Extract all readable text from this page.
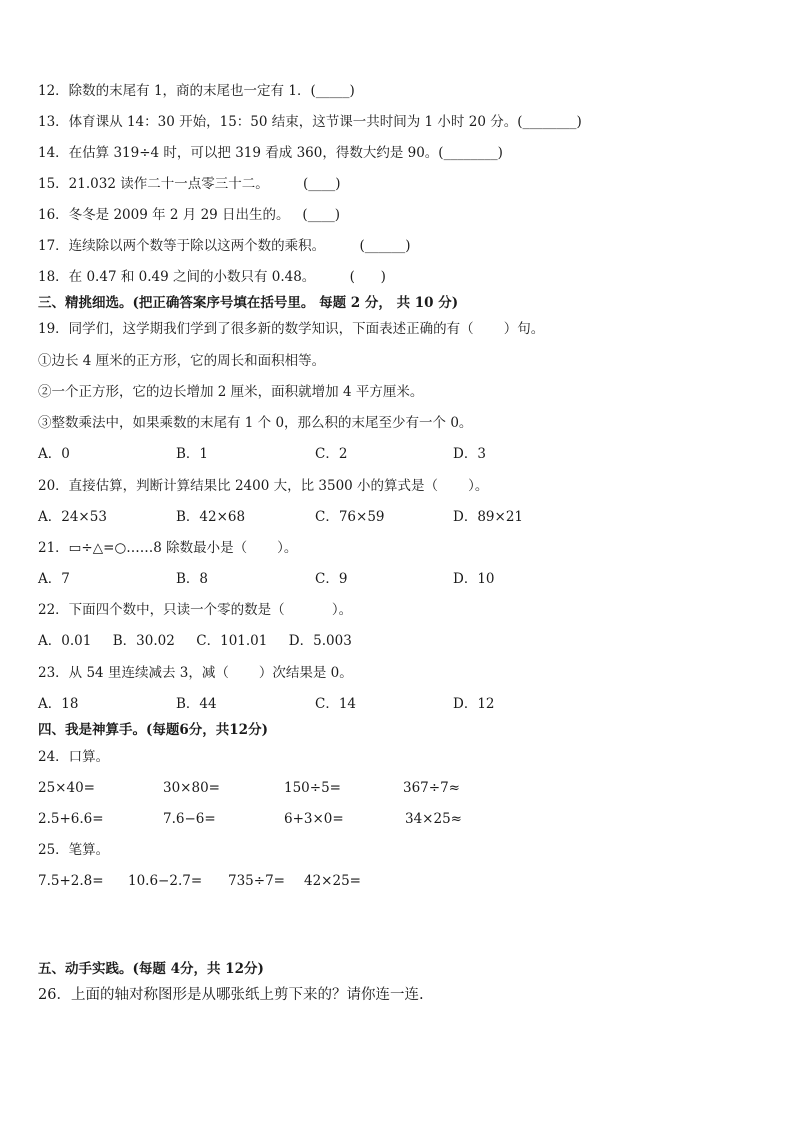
12．除数的末尾有 1，商的末尾也一定有 1．(_____)
13．体育课从 14：30 开始，15：50 结束，这节课一共时间为 1 小时 20 分。(________)
14．在估算 319÷4 时，可以把 319 看成 360，得数大约是 90。(________)
15．21.032 读作二十一点零三十二。        (____)
16．冬冬是 2009 年 2 月 29 日出生的。   (____)
17．连续除以两个数等于除以这两个数的乘积。        (______)
18．在 0.47 和 0.49 之间的小数只有 0.48。        (      )
三、精挑细选。(把正确答案序号填在括号里。 每题 2 分， 共 10 分)
19．同学们，这学期我们学到了很多新的数学知识，下面表述正确的有（       ）句。
①边长 4 厘米的正方形，它的周长和面积相等。
②一个正方形，它的边长增加 2 厘米，面积就增加 4 平方厘米。
③整数乘法中，如果乘数的末尾有 1 个 0，那么积的末尾至少有一个 0。
A．0	B．1	C．2	D．3
20．直接估算，判断计算结果比 2400 大，比 3500 小的算式是（       ）。
A．24×53	B．42×68	C．76×59	D．89×21
21．▭÷△=○……8 除数最小是（       ）。
A．7	B．8	C．9	D．10
22．下面四个数中，只读一个零的数是（           ）。
A．0.01     B．30.02     C．101.01     D．5.003
23．从 54 里连续减去 3，减（       ）次结果是 0。
A．18	B．44	C．14	D．12
四、我是神算手。(每题6分，共12分)
24．口算。
25×40=	30×80=	150÷5=	367÷7≈
2.5+6.6=	7.6−6=	6+3×0=	34×25≈
25．笔算。
7.5+2.8= 10.6−2.7= 735÷7= 42×25=
五、动手实践。(每题 4分，共 12分)
26．上面的轴对称图形是从哪张纸上剪下来的？请你连一连.
